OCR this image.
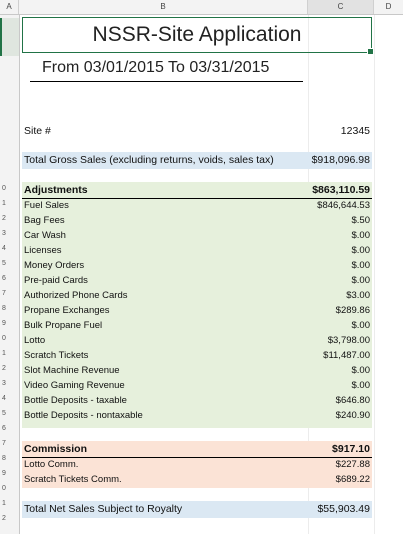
A	B	C	D
0
1
2
3
4
5
6
7
8
9
0
1
2
3
4
5
6
7
8
9
0
1
2
NSSR-Site Application
From 03/01/2015 To 03/31/2015
Site #	12345
Total Gross Sales (excluding returns, voids, sales tax)	$918,096.98
Adjustments	$863,110.59
Fuel Sales	$846,644.53
Bag Fees	$.50
Car Wash	$.00
Licenses	$.00
Money Orders	$.00
Pre-paid Cards	$.00
Authorized Phone Cards	$3.00
Propane Exchanges	$289.86
Bulk Propane Fuel	$.00
Lotto	$3,798.00
Scratch Tickets	$11,487.00
Slot Machine Revenue	$.00
Video Gaming Revenue	$.00
Bottle Deposits - taxable	$646.80
Bottle Deposits - nontaxable	$240.90
Commission	$917.10
Lotto Comm.	$227.88
Scratch Tickets Comm.	$689.22
Total Net Sales Subject to Royalty	$55,903.49
